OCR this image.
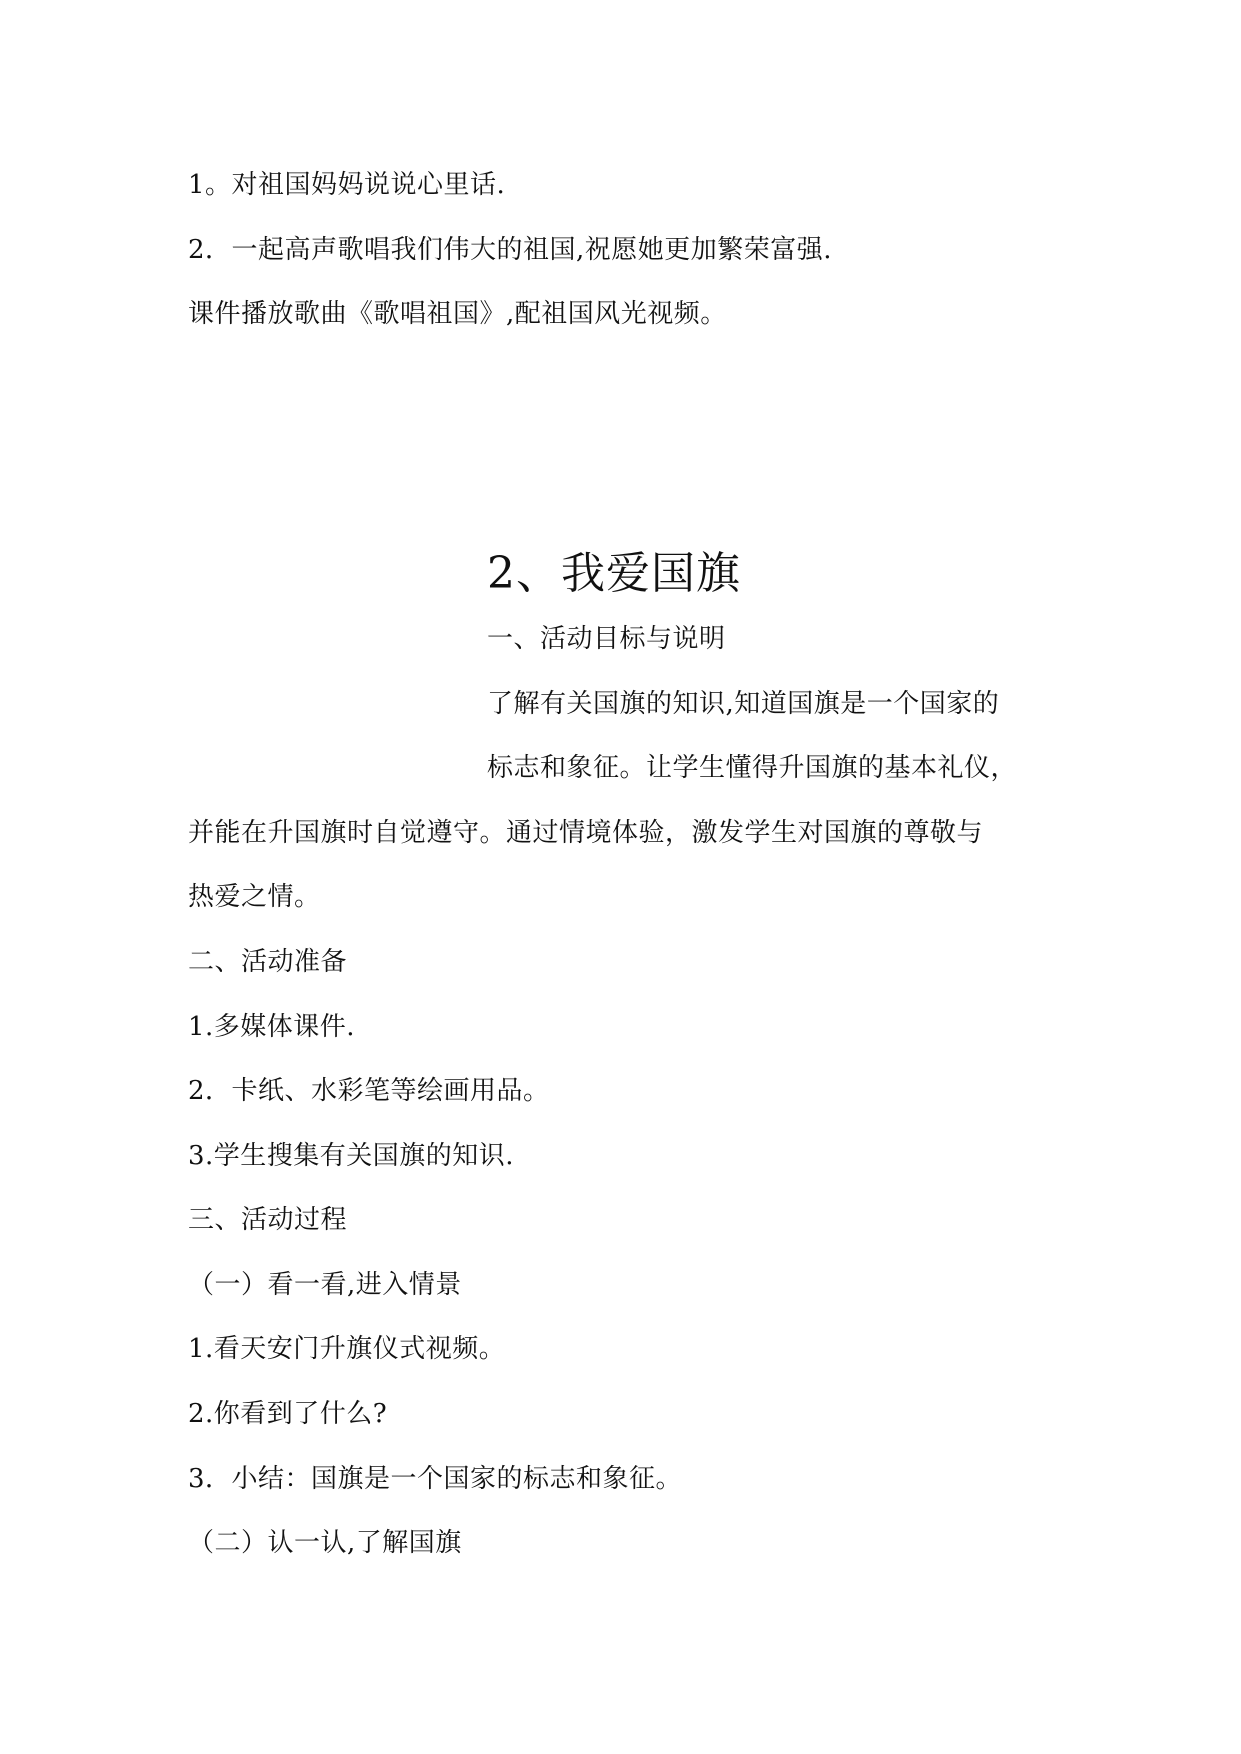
1。对祖国妈妈说说心里话.
2．一起高声歌唱我们伟大的祖国,祝愿她更加繁荣富强.
课件播放歌曲《歌唱祖国》,配祖国风光视频。
2、我爱国旗
一、活动目标与说明
了解有关国旗的知识,知道国旗是一个国家的
标志和象征。让学生懂得升国旗的基本礼仪，
并能在升国旗时自觉遵守。通过情境体验，激发学生对国旗的尊敬与
热爱之情。
二、活动准备
1.多媒体课件.
2．卡纸、水彩笔等绘画用品。
3.学生搜集有关国旗的知识.
三、活动过程
（一）看一看,进入情景
1.看天安门升旗仪式视频。
2.你看到了什么?
3．小结：国旗是一个国家的标志和象征。
（二）认一认,了解国旗
